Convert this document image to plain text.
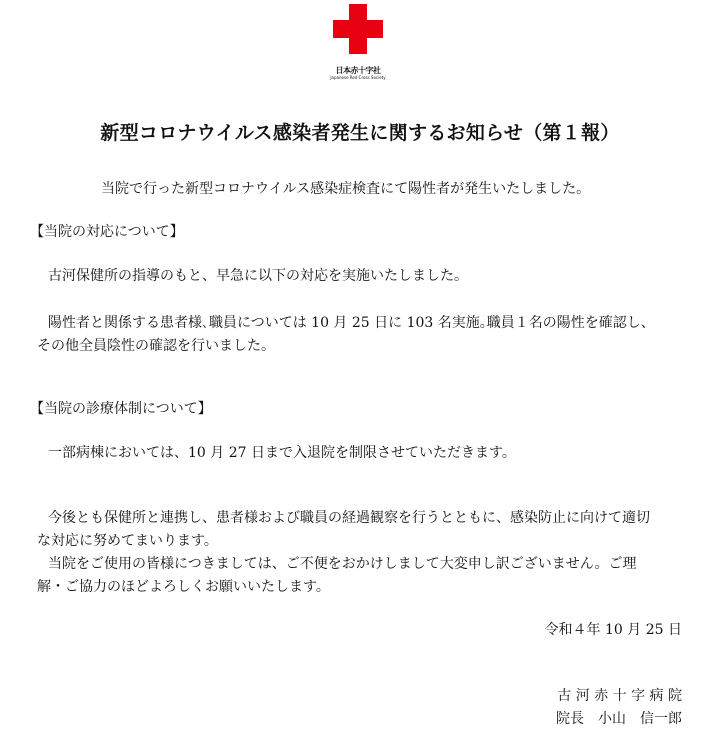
日本赤十字社
Japanese Red Cross Society
新型コロナウイルス感染者発生に関するお知らせ（第１報）
当院で行った新型コロナウイルス感染症検査にて陽性者が発生いたしました。
【当院の対応について】
古河保健所の指導のもと、早急に以下の対応を実施いたしました。
陽性者と関係する患者様､職員については 10 月 25 日に 103 名実施｡職員１名の陽性を確認し、
その他全員陰性の確認を行いました。
【当院の診療体制について】
一部病棟においては、10 月 27 日まで入退院を制限させていただきます。
今後とも保健所と連携し、患者様および職員の経過観察を行うとともに、感染防止に向けて適切
な対応に努めてまいります。
当院をご使用の皆様につきましては、ご不便をおかけしまして大変申し訳ございません。ご理
解・ご協力のほどよろしくお願いいたします。
令和４年 10 月 25 日
古 河 赤 十 字 病 院
院長　小山　信一郎
